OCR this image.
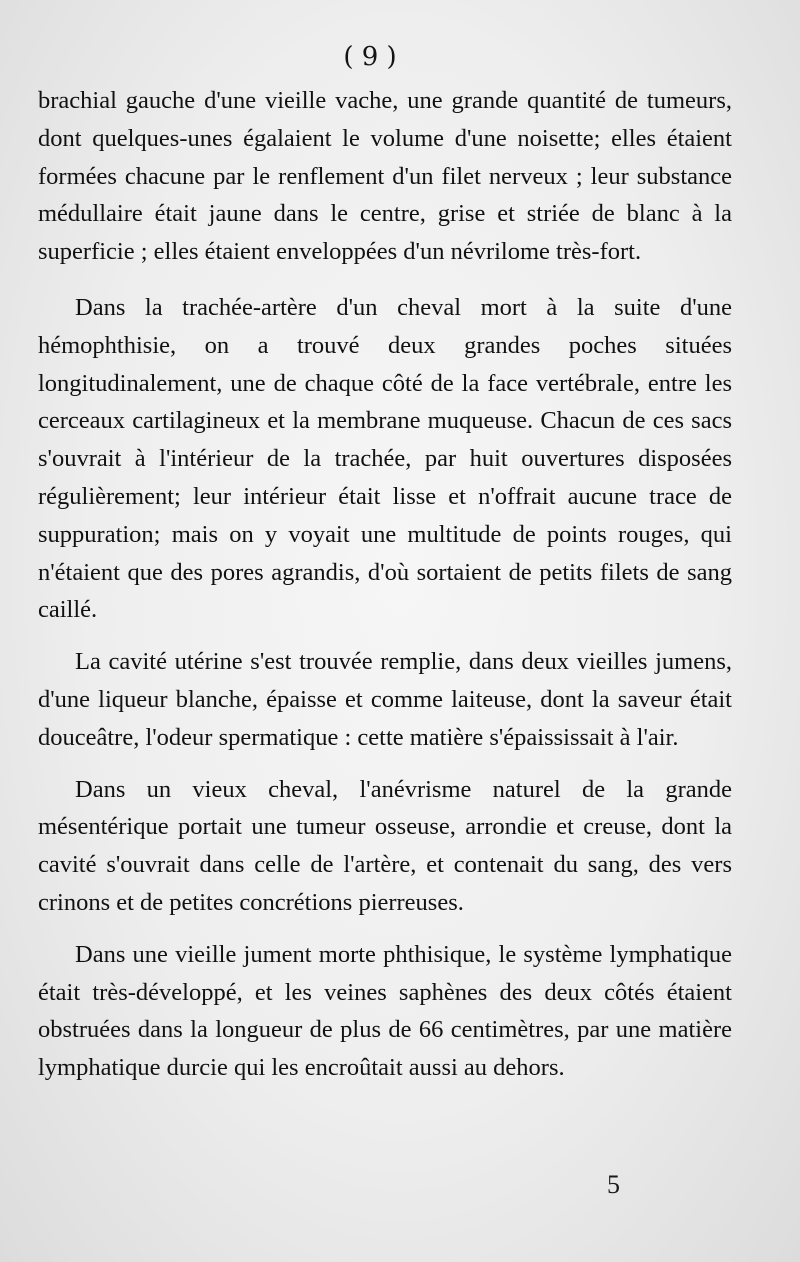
( 9 )

brachial gauche d'une vieille vache, une grande quantité de tumeurs, dont quelques-unes égalaient le volume d'une noisette; elles étaient formées chacune par le renflement d'un filet nerveux ; leur substance médullaire était jaune dans le centre, grise et striée de blanc à la superficie ; elles étaient enveloppées d'un névrilome très-fort.

Dans la trachée-artère d'un cheval mort à la suite d'une hémophthisie, on a trouvé deux grandes poches situées longitudinalement, une de chaque côté de la face vertébrale, entre les cerceaux cartilagineux et la membrane muqueuse. Chacun de ces sacs s'ouvrait à l'intérieur de la trachée, par huit ouvertures disposées régulièrement; leur intérieur était lisse et n'offrait aucune trace de suppuration; mais on y voyait une multitude de points rouges, qui n'étaient que des pores agrandis, d'où sortaient de petits filets de sang caillé.

La cavité utérine s'est trouvée remplie, dans deux vieilles jumens, d'une liqueur blanche, épaisse et comme laiteuse, dont la saveur était douceâtre, l'odeur spermatique : cette matière s'épaississait à l'air.

Dans un vieux cheval, l'anévrisme naturel de la grande mésentérique portait une tumeur osseuse, arrondie et creuse, dont la cavité s'ouvrait dans celle de l'artère, et contenait du sang, des vers crinons et de petites concrétions pierreuses.

Dans une vieille jument morte phthisique, le système lymphatique était très-développé, et les veines saphènes des deux côtés étaient obstruées dans la longueur de plus de 66 centimètres, par une matière lymphatique durcie qui les encroûtait aussi au dehors.

5
